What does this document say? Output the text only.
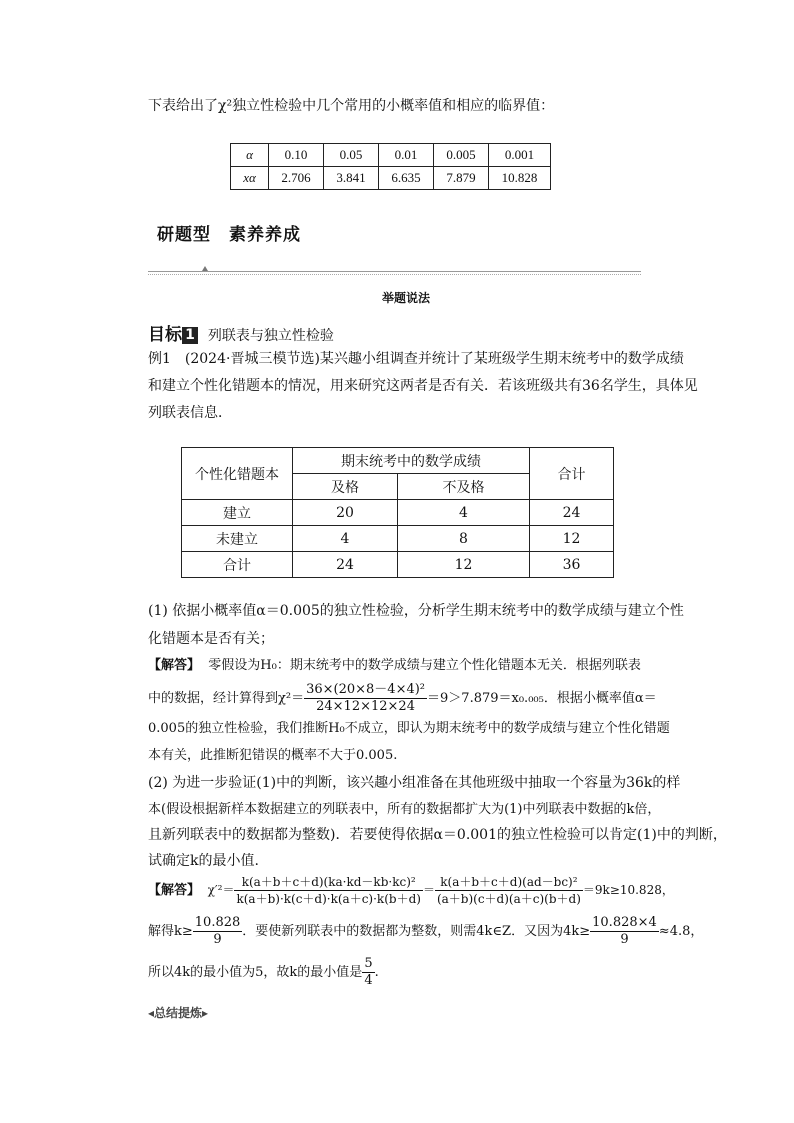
下表给出了χ²独立性检验中几个常用的小概率值和相应的临界值：
α	0.10	0.05	0.01	0.005	0.001
xα	2.706	3.841	6.635	7.879	10.828
研题型　素养养成
举题说法
目标 1 列联表与独立性检验
例1　(2024·晋城三模节选)某兴趣小组调查并统计了某班级学生期末统考中的数学成绩
和建立个性化错题本的情况，用来研究这两者是否有关．若该班级共有36名学生，具体见
列联表信息．
个性化错题本	期末统考中的数学成绩		合计
	及格	不及格	
建立	20	4	24
未建立	4	8	12
合计	24	12	36
(1) 依据小概率值α＝0.005的独立性检验，分析学生期末统考中的数学成绩与建立个性
化错题本是否有关；
【解答】 零假设为H₀：期末统考中的数学成绩与建立个性化错题本无关．根据列联表
中的数据，经计算得到$\chi^2= \frac{\text{36×(20×8－4×4)²}}{24\times 12\times 12\times 24} =9>7.879=x_0._{005}$．根据小概率值α＝
0.005的独立性检验，我们推断H₀不成立，即认为期末统考中的数学成绩与建立个性化错题
本有关，此推断犯错误的概率不大于0.005.
(2) 为进一步验证(1)中的判断，该兴趣小组准备在其他班级中抽取一个容量为36k的样
本(假设根据新样本数据建立的列联表中，所有的数据都扩大为(1)中列联表中数据的k倍，
且新列联表中的数据都为整数)．若要使得依据α＝0.001的独立性检验可以肯定(1)中的判断，
试确定k的最小值.
【解答】 $\chi'^2= \frac{\text{k(a＋b＋c＋d)(ka·kd－kb·kc)²}}{k(a+b)\cdot k(c+d)\cdot k(a+c)\cdot k(b+d)} = \frac{\text{k(a＋b＋c＋d)(ad－bc)²}}{(a+b)(c+d)(a+c)(b+d)} =9k\ge 10.828$，
解得$k\ge \frac{10.828}{9}$ ．要使新列联表中的数据都为整数，则需4k∈Z．又因为$4k\ge \frac{10.828\times 4}{9} \approx 4.8$，
所以4k的最小值为5，故k的最小值是 $\frac{5}{4}$ .
◂总结提炼▸
